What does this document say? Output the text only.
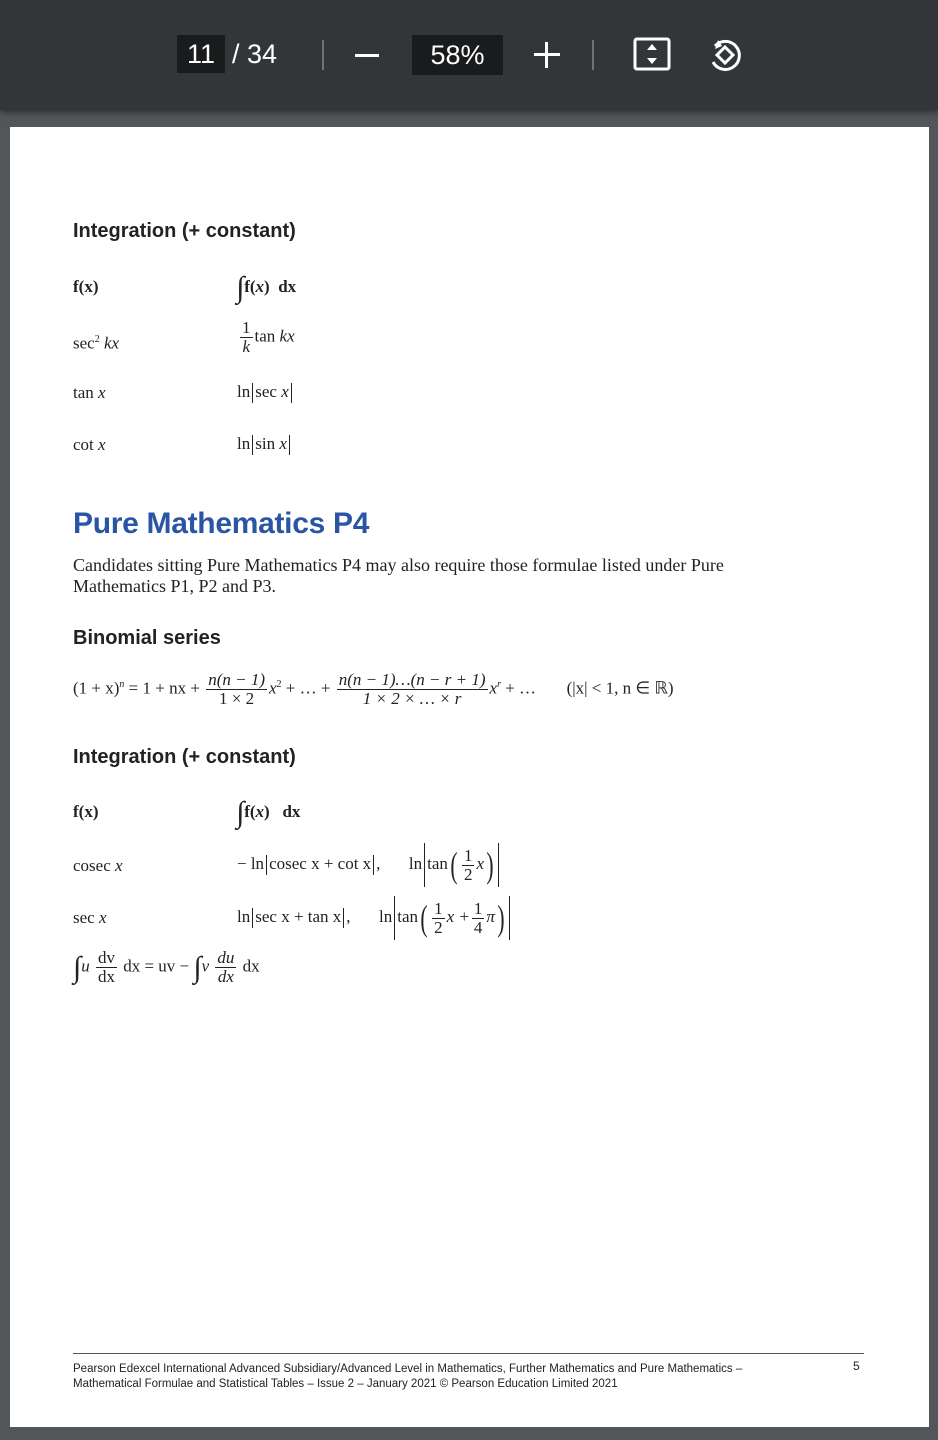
11 / 34	58%
Integration (+ constant)
f(x)	∫f(x) dx
$\sec^2$ kx	$\frac{1}{k}$ tan kx
tan x	ln sec x
cot x	ln sin x
Pure Mathematics P4
Candidates sitting Pure Mathematics P4 may also require those formulae listed under Pure Mathematics P1, P2 and P3.
Binomial series
$(1 + x)^n = 1$ + nx + $\frac{n(n - 1)}{1 \times 2} x^2$ + … + $\frac{n(n - 1)\dots(n - r + 1)}{1 \times 2 \times \dots \times r} x^r$ + … (|x| < 1, n ∈ ℝ)
Integration (+ constant)
f(x)	∫f(x) dx
cosec x	− ln cosec x + cot x , $\ln \tan( \frac{1}{2} x)$
sec x	ln sec x + tan x , $\ln \tan( \frac{1}{2}$ $x + \frac{1}{4} \pi$)
$\int u \frac{dv}{dx}$ dx = uv − $\int v \frac{du}{dx}$ dx
Pearson Edexcel International Advanced Subsidiary/Advanced Level in Mathematics, Further Mathematics and Pure Mathematics – Mathematical Formulae and Statistical Tables – Issue 2 – January 2021 © Pearson Education Limited 2021
5
